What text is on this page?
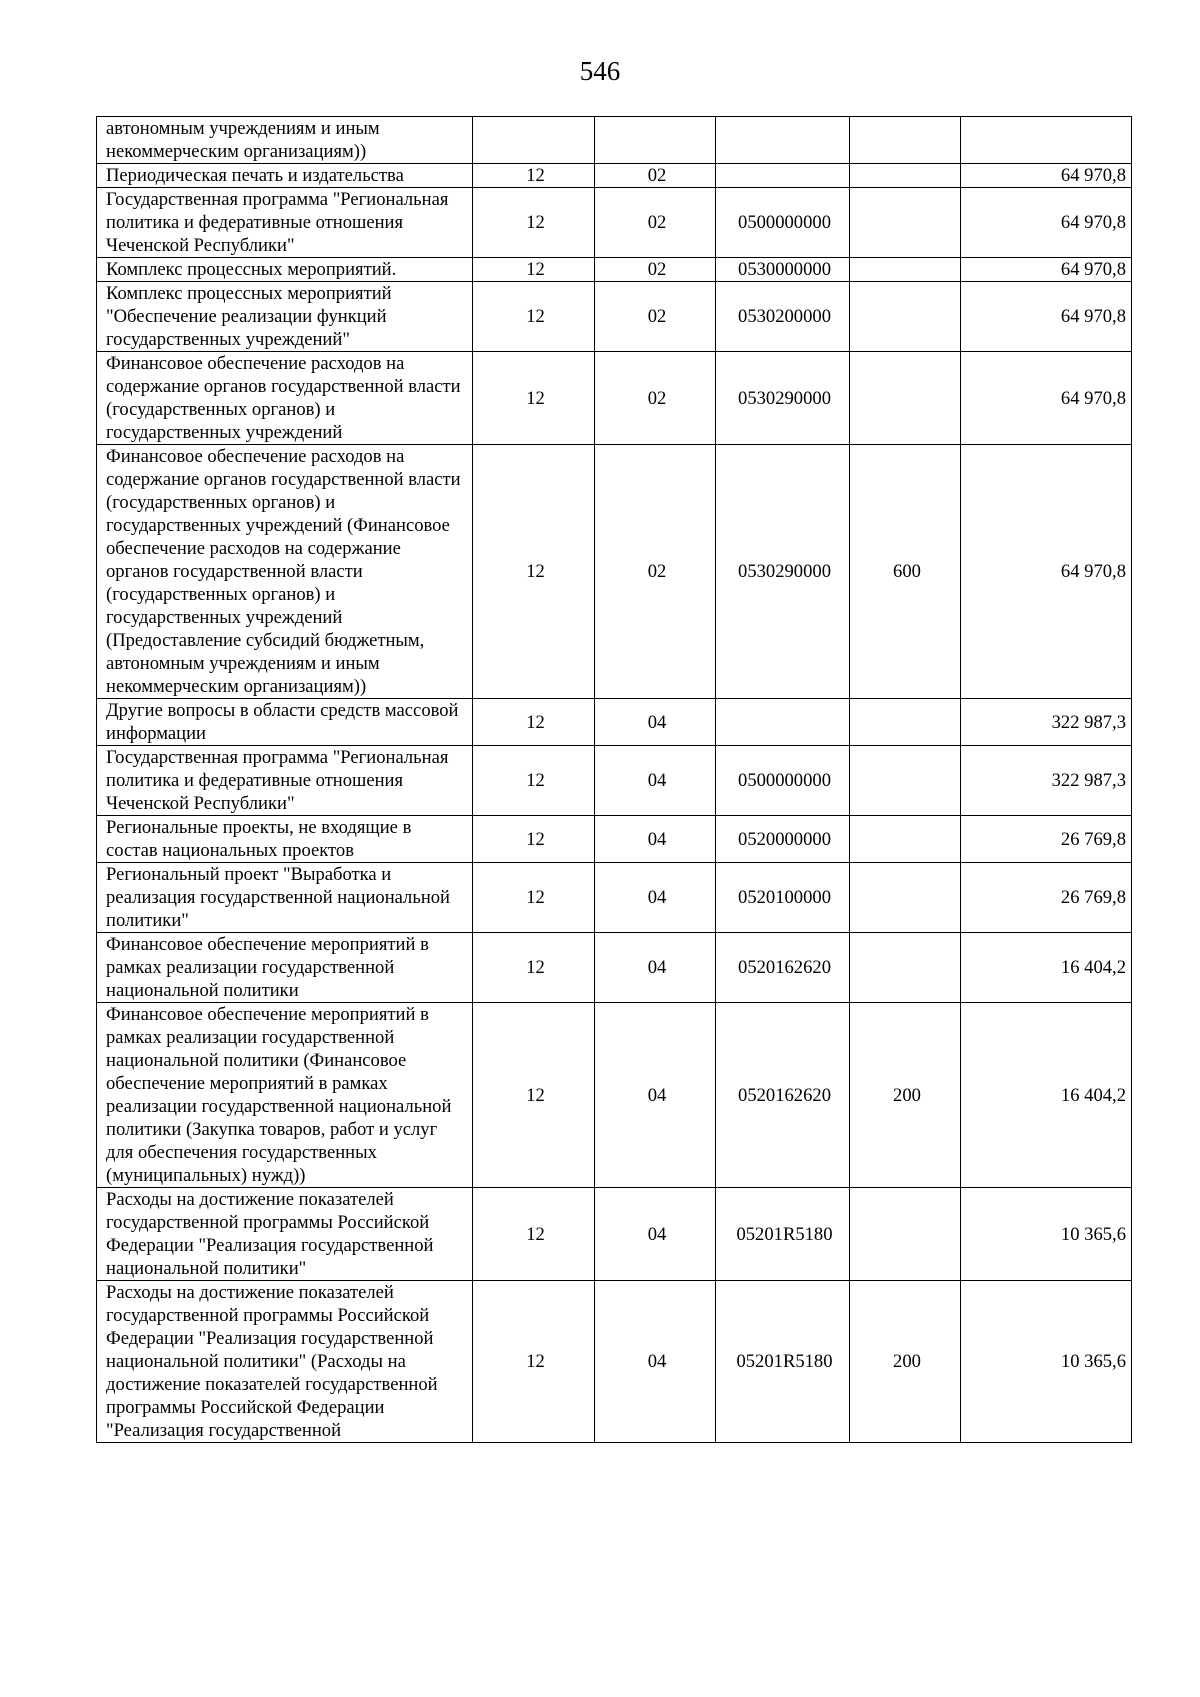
546
автономным учреждениям и иным некоммерческим организациям))					
Периодическая печать и издательства	12	02			64 970,8
Государственная программа "Региональная политика и федеративные отношения Чеченской Республики"	12	02	0500000000		64 970,8
Комплекс процессных мероприятий.	12	02	0530000000		64 970,8
Комплекс процессных мероприятий "Обеспечение реализации функций государственных учреждений"	12	02	0530200000		64 970,8
Финансовое обеспечение расходов на содержание органов государственной власти (государственных органов) и государственных учреждений	12	02	0530290000		64 970,8
Финансовое обеспечение расходов на содержание органов государственной власти (государственных органов) и государственных учреждений (Финансовое обеспечение расходов на содержание органов государственной власти (государственных органов) и государственных учреждений (Предоставление субсидий бюджетным, автономным учреждениям и иным некоммерческим организациям))	12	02	0530290000	600	64 970,8
Другие вопросы в области средств массовой информации	12	04			322 987,3
Государственная программа "Региональная политика и федеративные отношения Чеченской Республики"	12	04	0500000000		322 987,3
Региональные проекты, не входящие в состав национальных проектов	12	04	0520000000		26 769,8
Региональный проект "Выработка и реализация государственной национальной политики"	12	04	0520100000		26 769,8
Финансовое обеспечение мероприятий в рамках реализации государственной национальной политики	12	04	0520162620		16 404,2
Финансовое обеспечение мероприятий в рамках реализации государственной национальной политики (Финансовое обеспечение мероприятий в рамках реализации государственной национальной политики (Закупка товаров, работ и услуг для обеспечения государственных (муниципальных) нужд))	12	04	0520162620	200	16 404,2
Расходы на достижение показателей государственной программы Российской Федерации "Реализация государственной национальной политики"	12	04	05201R5180		10 365,6
Расходы на достижение показателей государственной программы Российской Федерации "Реализация государственной национальной политики" (Расходы на достижение показателей государственной программы Российской Федерации "Реализация государственной	12	04	05201R5180	200	10 365,6
